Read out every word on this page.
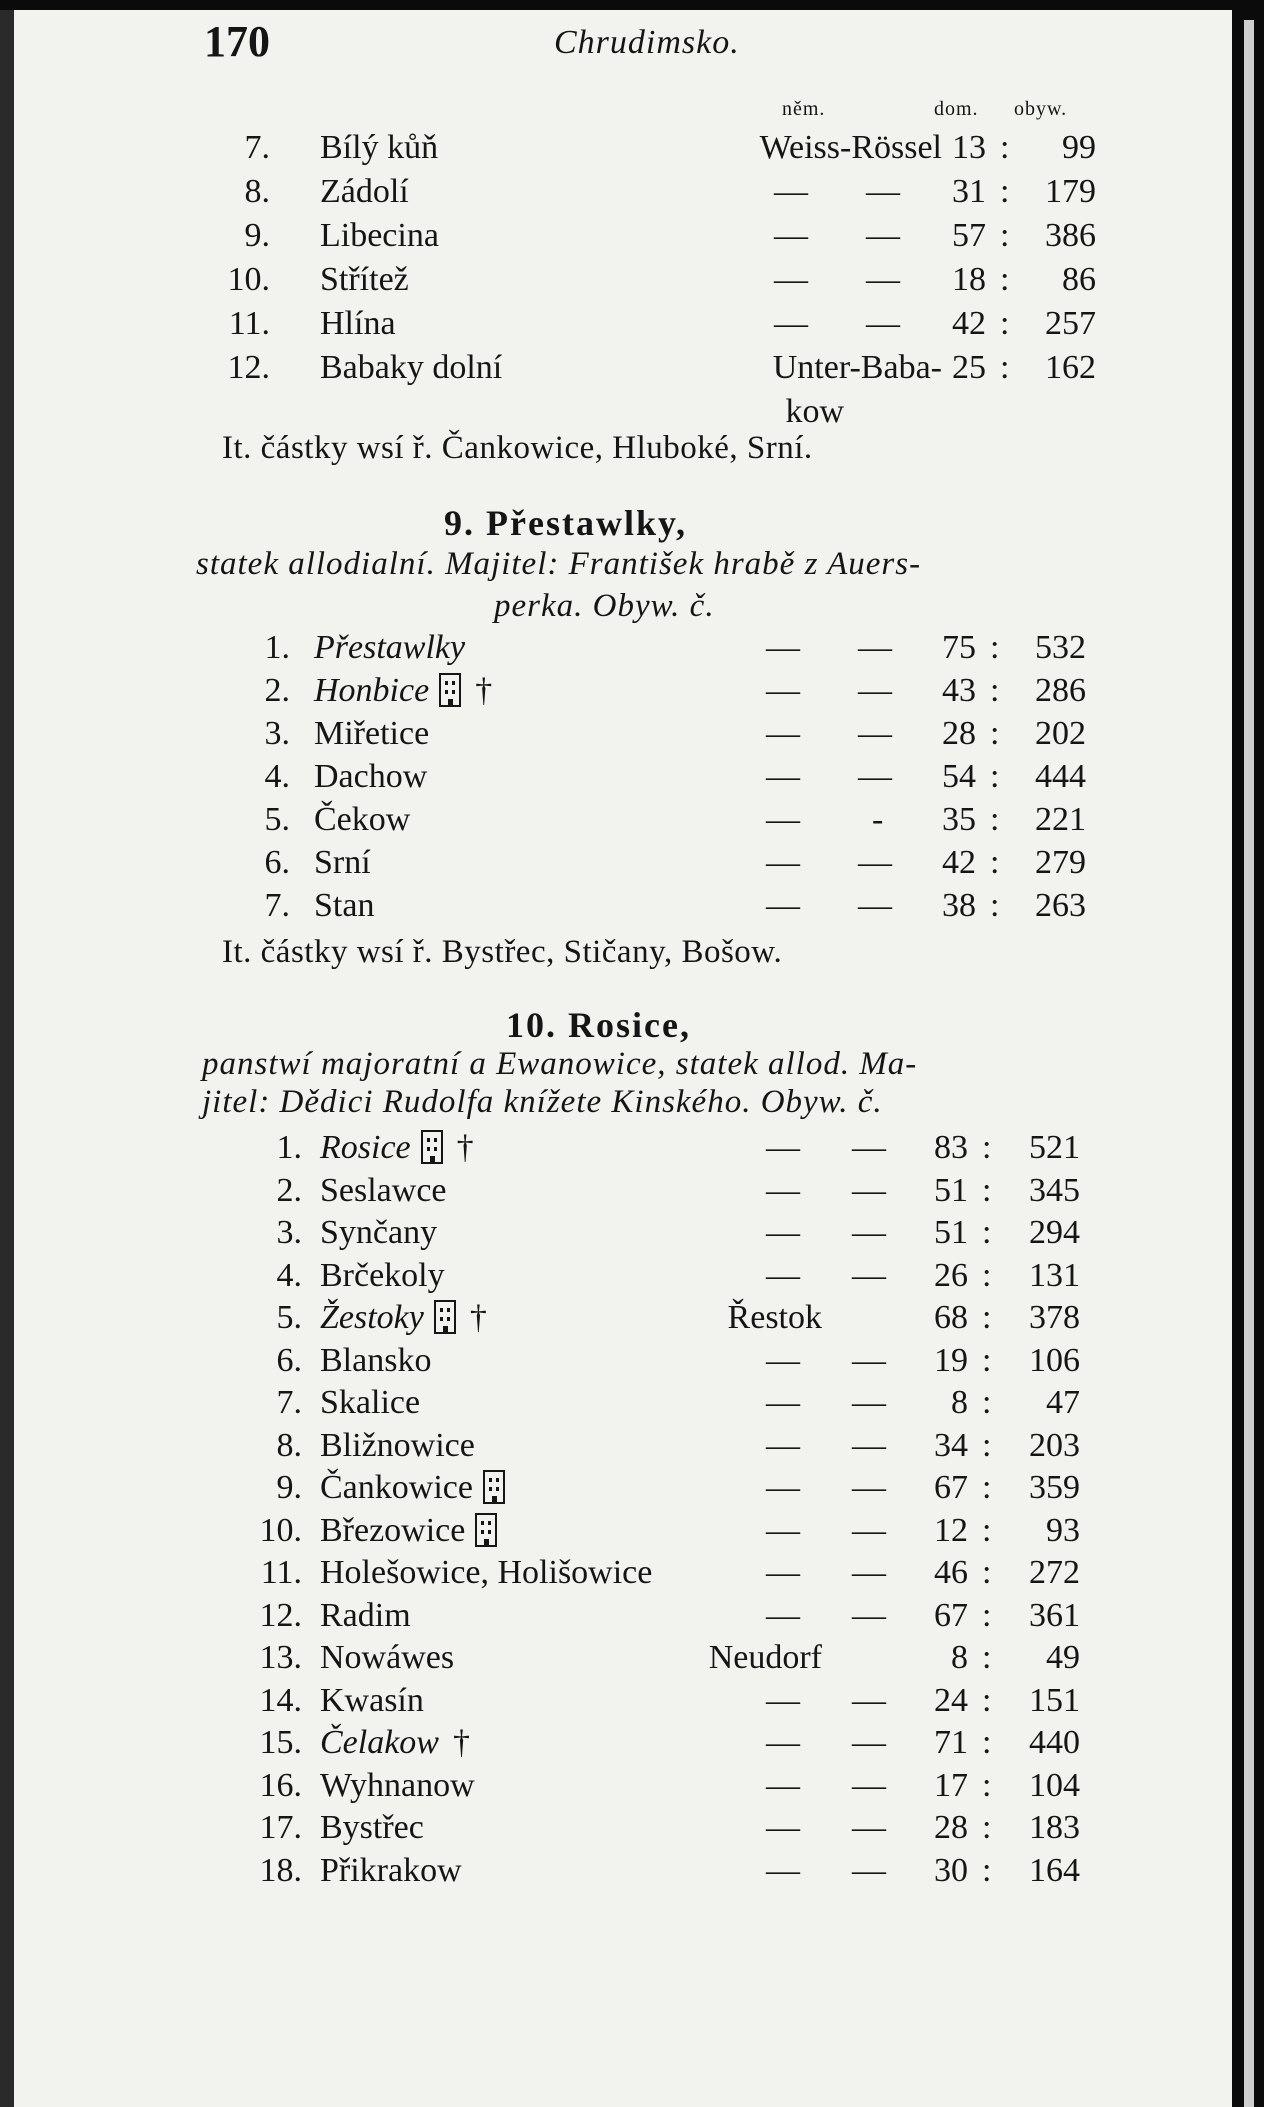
170	Chrudimsko.
něm.	dom. obyw.
7. Bílý kůň	Weiss-Rössel 13 : 99
8. Zádolí	— — 31 : 179
9. Libecina	— — 57 : 386
10. Střítež	— — 18 : 86
11. Hlína	— — 42 : 257
12. Babaky dolní	Unter-Baba- 25 : 162
kow
It. částky wsí ř. Čankowice, Hluboké, Srní.
9. Přestawlky,
statek allodialní. Majitel: František hrabě z Auers-
perka. Obyw. č.
1. Přestawlky	— — 75 : 532
2. Honbice †	— — 43 : 286
3. Miřetice	— — 28 : 202
4. Dachow	— — 54 : 444
5. Čekow	— - 35 : 221
6. Srní	— — 42 : 279
7. Stan	— — 38 : 263
It. částky wsí ř. Bystřec, Stičany, Bošow.
10. Rosice,
panstwí majoratní a Ewanowice, statek allod. Ma-
jitel: Dědici Rudolfa knížete Kinského. Obyw. č.
1. Rosice †	— — 83 : 521
2. Seslawce	— — 51 : 345
3. Synčany	— — 51 : 294
4. Brčekoly	— — 26 : 131
5. Žestoky †	Řestok	68 : 378
6. Blansko	— — 19 : 106
7. Skalice	— — 8 : 47
8. Bližnowice	— — 34 : 203
9. Čankowice	— — 67 : 359
10. Březowice	— — 12 : 93
11. Holešowice, Holišowice	— — 46 : 272
12. Radim	— — 67 : 361
13. Nowáwes	Neudorf	8 : 49
14. Kwasín	— — 24 : 151
15. Čelakow †	— — 71 : 440
16. Wyhnanow	— — 17 : 104
17. Bystřec	— — 28 : 183
18. Přikrakow	— — 30 : 164
